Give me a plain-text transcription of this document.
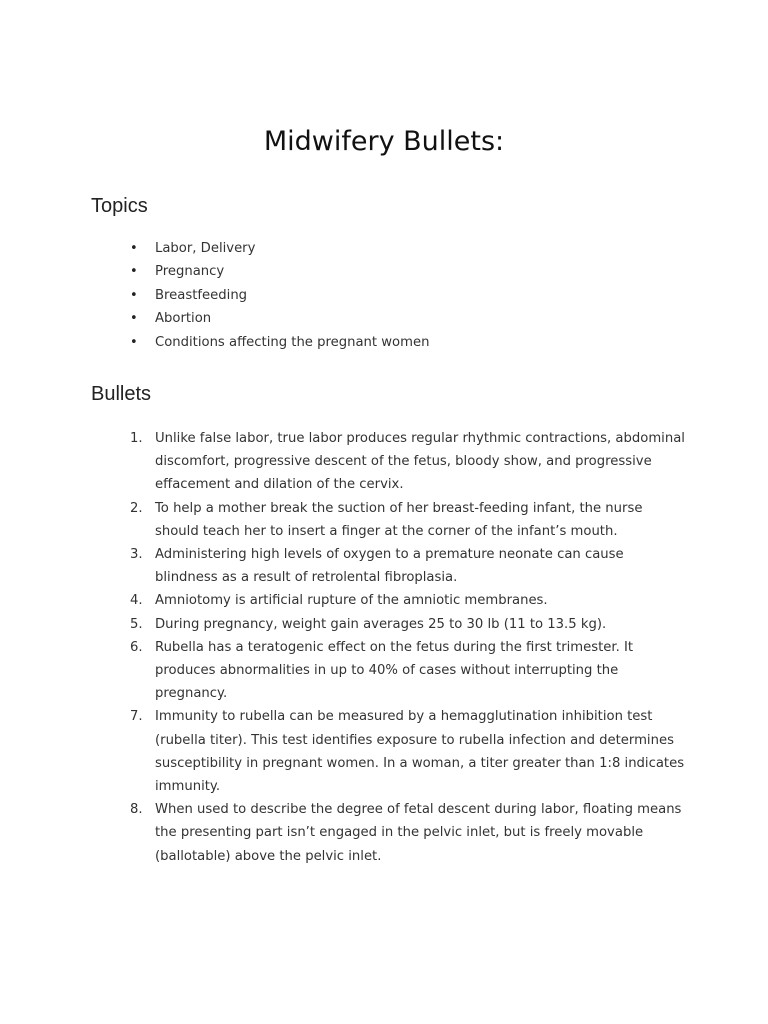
Midwifery Bullets:
Topics
• Labor, Delivery
• Pregnancy
• Breastfeeding
• Abortion
• Conditions affecting the pregnant women
Bullets
1. Unlike false labor, true labor produces regular rhythmic contractions, abdominal discomfort, progressive descent of the fetus, bloody show, and progressive effacement and dilation of the cervix.
2. To help a mother break the suction of her breast-feeding infant, the nurse should teach her to insert a finger at the corner of the infant’s mouth.
3. Administering high levels of oxygen to a premature neonate can cause blindness as a result of retrolental fibroplasia.
4. Amniotomy is artificial rupture of the amniotic membranes.
5. During pregnancy, weight gain averages 25 to 30 lb (11 to 13.5 kg).
6. Rubella has a teratogenic effect on the fetus during the first trimester. It produces abnormalities in up to 40% of cases without interrupting the pregnancy.
7. Immunity to rubella can be measured by a hemagglutination inhibition test (rubella titer). This test identifies exposure to rubella infection and determines susceptibility in pregnant women. In a woman, a titer greater than 1:8 indicates immunity.
8. When used to describe the degree of fetal descent during labor, floating means the presenting part isn’t engaged in the pelvic inlet, but is freely movable (ballotable) above the pelvic inlet.
